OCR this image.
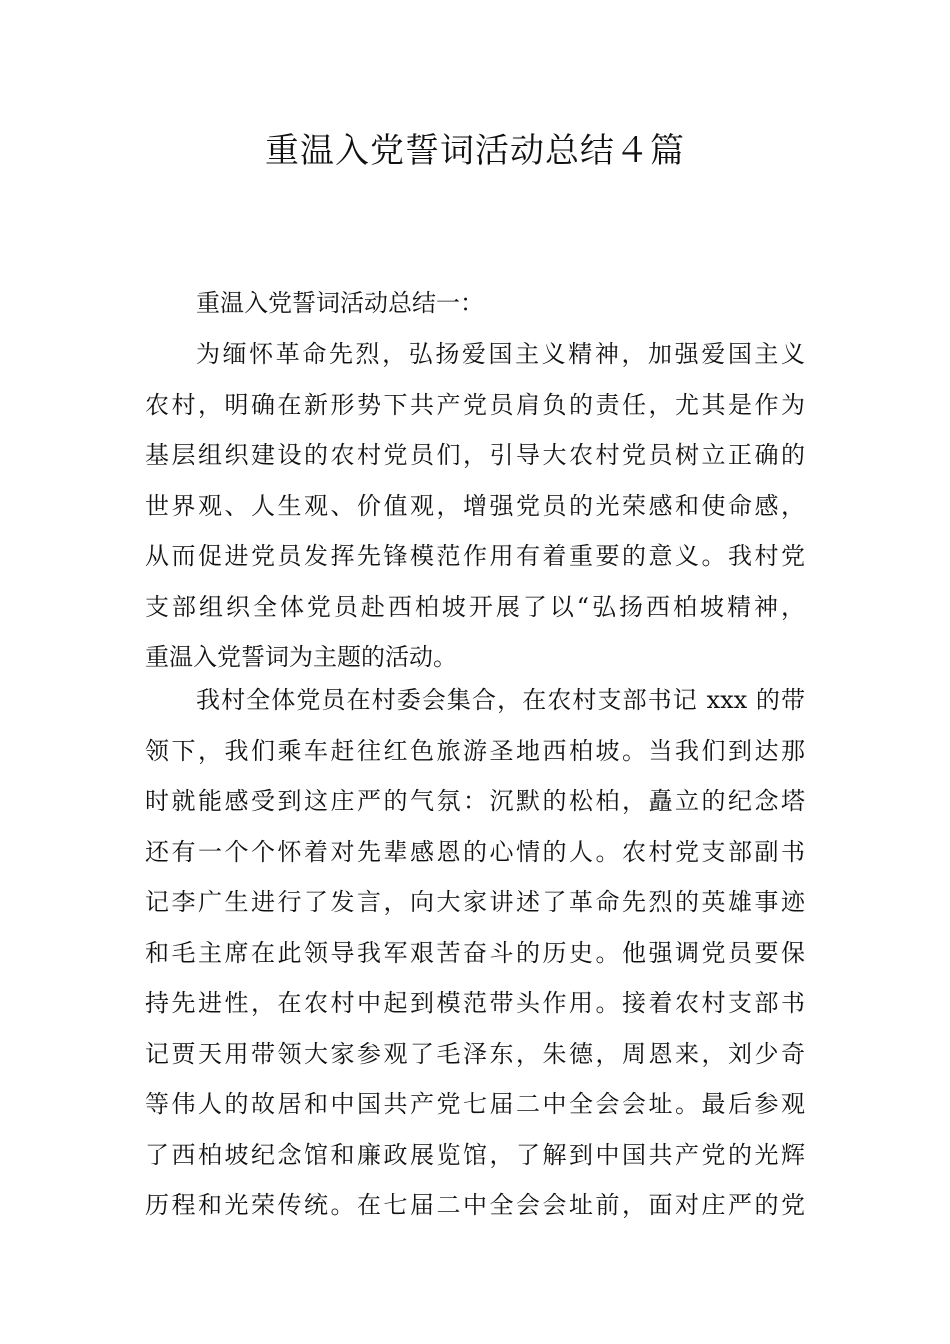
重温入党誓词活动总结４篇

重温入党誓词活动总结一：

为缅怀革命先烈，弘扬爱国主义精神，加强爱国主义
农村，明确在新形势下共产党员肩负的责任，尤其是作为
基层组织建设的农村党员们，引导大农村党员树立正确的
世界观、人生观、价值观，增强党员的光荣感和使命感，
从而促进党员发挥先锋模范作用有着重要的意义。我村党
支部组织全体党员赴西柏坡开展了以“弘扬西柏坡精神，
重温入党誓词为主题的活动。
我村全体党员在村委会集合，在农村支部书记 xxx 的带
领下，我们乘车赶往红色旅游圣地西柏坡。当我们到达那
时就能感受到这庄严的气氛：沉默的松柏，矗立的纪念塔
还有一个个怀着对先辈感恩的心情的人。农村党支部副书
记李广生进行了发言，向大家讲述了革命先烈的英雄事迹
和毛主席在此领导我军艰苦奋斗的历史。他强调党员要保
持先进性，在农村中起到模范带头作用。接着农村支部书
记贾天用带领大家参观了毛泽东，朱德，周恩来，刘少奇
等伟人的故居和中国共产党七届二中全会会址。最后参观
了西柏坡纪念馆和廉政展览馆，了解到中国共产党的光辉
历程和光荣传统。在七届二中全会会址前，面对庄严的党
